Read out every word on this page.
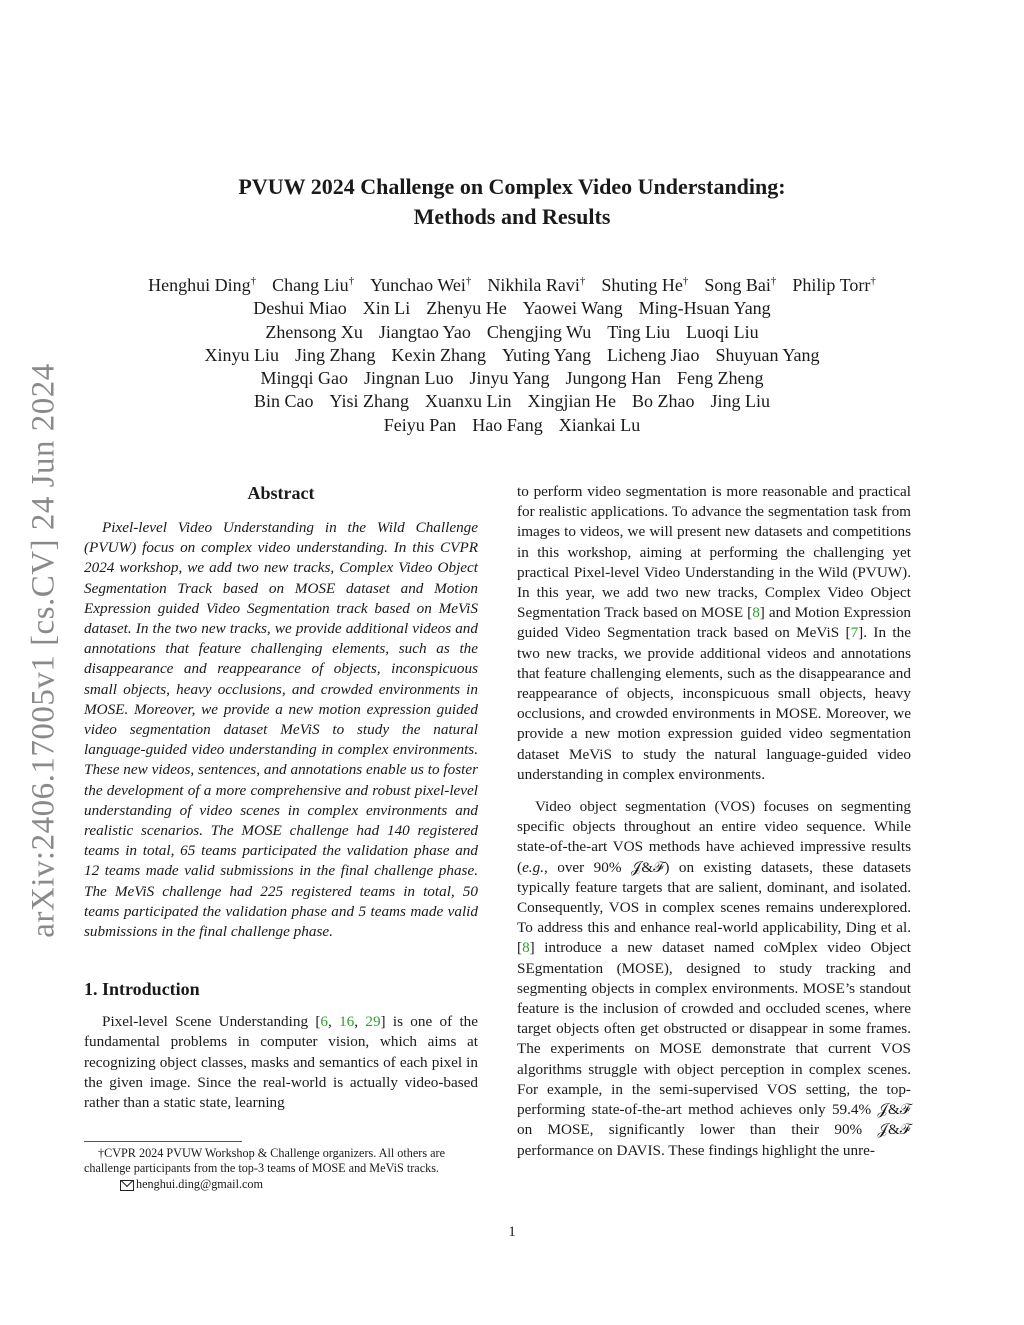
arXiv:2406.17005v1 [cs.CV] 24 Jun 2024
PVUW 2024 Challenge on Complex Video Understanding:
Methods and Results
Henghui Ding† Chang Liu† Yunchao Wei† Nikhila Ravi† Shuting He† Song Bai† Philip Torr†
Deshui Miao Xin Li Zhenyu He Yaowei Wang Ming-Hsuan Yang
Zhensong Xu Jiangtao Yao Chengjing Wu Ting Liu Luoqi Liu
Xinyu Liu Jing Zhang Kexin Zhang Yuting Yang Licheng Jiao Shuyuan Yang
Mingqi Gao Jingnan Luo Jinyu Yang Jungong Han Feng Zheng
Bin Cao Yisi Zhang Xuanxu Lin Xingjian He Bo Zhao Jing Liu
Feiyu Pan Hao Fang Xiankai Lu
Abstract

Pixel-level Video Understanding in the Wild Challenge (PVUW) focus on complex video understanding. In this CVPR 2024 workshop, we add two new tracks, Complex Video Object Segmentation Track based on MOSE dataset and Motion Expression guided Video Segmentation track based on MeViS dataset. In the two new tracks, we provide additional videos and annotations that feature challenging elements, such as the disappearance and reappearance of objects, inconspicuous small objects, heavy occlusions, and crowded environments in MOSE. Moreover, we provide a new motion expression guided video segmentation dataset MeViS to study the natural language-guided video understanding in complex environments. These new videos, sentences, and annotations enable us to foster the development of a more comprehensive and robust pixel-level understanding of video scenes in complex environments and realistic scenarios. The MOSE challenge had 140 registered teams in total, 65 teams participated the validation phase and 12 teams made valid submissions in the final challenge phase. The MeViS challenge had 225 registered teams in total, 50 teams participated the validation phase and 5 teams made valid submissions in the final challenge phase.

1. Introduction

Pixel-level Scene Understanding [6, 16, 29] is one of the fundamental problems in computer vision, which aims at recognizing object classes, masks and semantics of each pixel in the given image. Since the real-world is actually video-based rather than a static state, learning

†CVPR 2024 PVUW Workshop & Challenge organizers. All others are challenge participants from the top-3 teams of MOSE and MeViS tracks.
henghui.ding@gmail.com

to perform video segmentation is more reasonable and practical for realistic applications. To advance the segmentation task from images to videos, we will present new datasets and competitions in this workshop, aiming at performing the challenging yet practical Pixel-level Video Understanding in the Wild (PVUW). In this year, we add two new tracks, Complex Video Object Segmentation Track based on MOSE [8] and Motion Expression guided Video Segmentation track based on MeViS [7]. In the two new tracks, we provide additional videos and annotations that feature challenging elements, such as the disappearance and reappearance of objects, inconspicuous small objects, heavy occlusions, and crowded environments in MOSE. Moreover, we provide a new motion expression guided video segmentation dataset MeViS to study the natural language-guided video understanding in complex environments.

Video object segmentation (VOS) focuses on segmenting specific objects throughout an entire video sequence. While state-of-the-art VOS methods have achieved impressive results (e.g., over 90% 𝒥&ℱ) on existing datasets, these datasets typically feature targets that are salient, dominant, and isolated. Consequently, VOS in complex scenes remains underexplored. To address this and enhance real-world applicability, Ding et al. [8] introduce a new dataset named coMplex video Object SEgmentation (MOSE), designed to study tracking and segmenting objects in complex environments. MOSE’s standout feature is the inclusion of crowded and occluded scenes, where target objects often get obstructed or disappear in some frames. The experiments on MOSE demonstrate that current VOS algorithms struggle with object perception in complex scenes. For example, in the semi-supervised VOS setting, the top-performing state-of-the-art method achieves only 59.4% 𝒥&ℱ on MOSE, significantly lower than their 90% 𝒥&ℱ performance on DAVIS. These findings highlight the unre-

1
